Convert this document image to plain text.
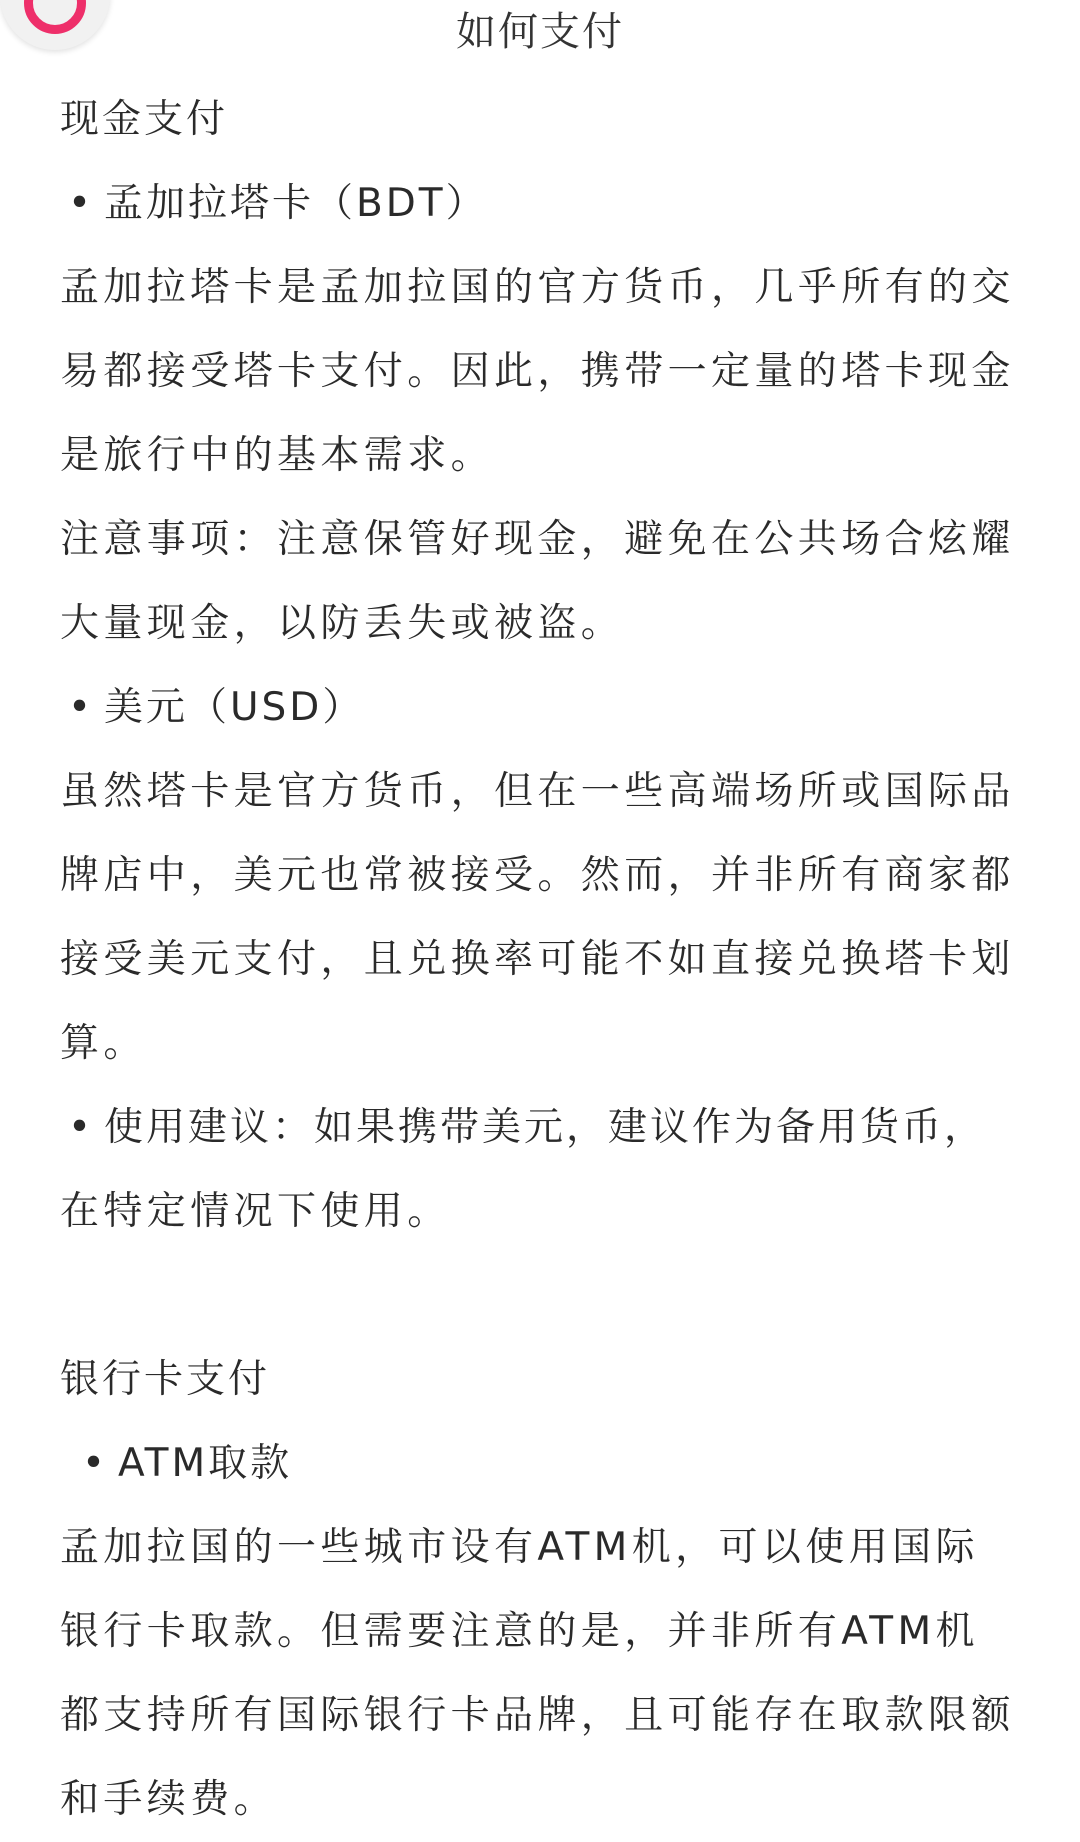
如何支付
现金支付
• 孟加拉塔卡（BDT）
孟加拉塔卡是孟加拉国的官方货币，几乎所有的交
易都接受塔卡支付。因此，携带一定量的塔卡现金
是旅行中的基本需求。
注意事项：注意保管好现金，避免在公共场合炫耀
大量现金，以防丢失或被盗。
• 美元（USD）
虽然塔卡是官方货币，但在一些高端场所或国际品
牌店中，美元也常被接受。然而，并非所有商家都
接受美元支付，且兑换率可能不如直接兑换塔卡划
算。
• 使用建议：如果携带美元，建议作为备用货币，
在特定情况下使用。
银行卡支付
• ATM取款
孟加拉国的一些城市设有ATM机，可以使用国际
银行卡取款。但需要注意的是，并非所有ATM机
都支持所有国际银行卡品牌，且可能存在取款限额
和手续费。
